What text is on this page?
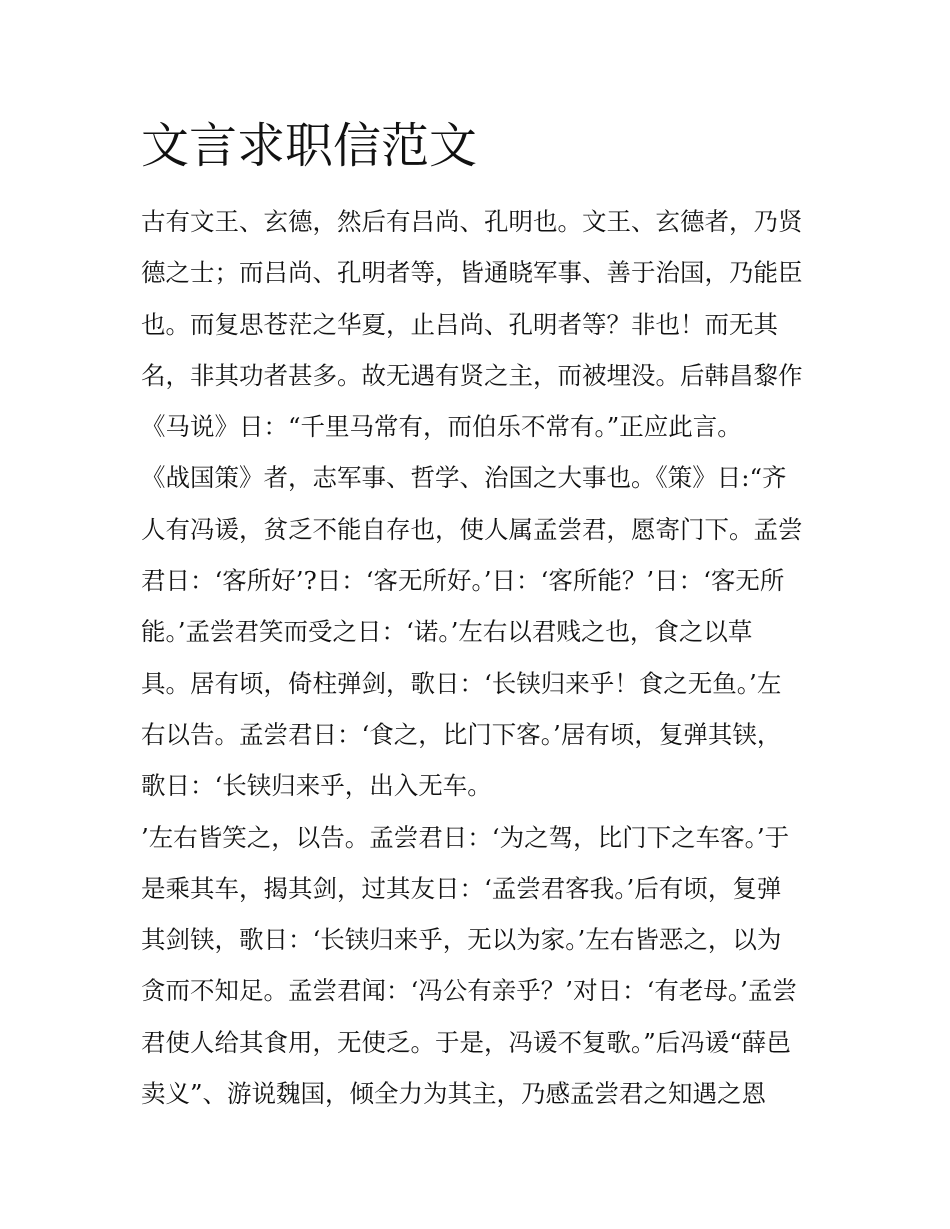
文言求职信范文
古有文王、玄德，然后有吕尚、孔明也。文王、玄德者，乃贤
德之士；而吕尚、孔明者等，皆通晓军事、善于治国，乃能臣
也。而复思苍茫之华夏，止吕尚、孔明者等？非也！而无其
名，非其功者甚多。故无遇有贤之主，而被埋没。后韩昌黎作
《马说》日：“千里马常有，而伯乐不常有。”正应此言。
《战国策》者，志军事、哲学、治国之大事也。《策》日:“齐
人有冯谖，贫乏不能自存也，使人属孟尝君，愿寄门下。孟尝
君日：‘客所好’?日：‘客无所好。’日：‘客所能？’日：‘客无所
能。’孟尝君笑而受之日：‘诺。’左右以君贱之也，食之以草
具。居有顷，倚柱弹剑，歌日：‘长铗归来乎！食之无鱼。’左
右以告。孟尝君日：‘食之，比门下客。’居有顷，复弹其铗，
歌日：‘长铗归来乎，出入无车。
’左右皆笑之，以告。孟尝君日：‘为之驾，比门下之车客。’于
是乘其车，揭其剑，过其友日：‘孟尝君客我。’后有顷，复弹
其剑铗，歌日：‘长铗归来乎，无以为家。’左右皆恶之，以为
贪而不知足。孟尝君闻：‘冯公有亲乎？’对日：‘有老母。’孟尝
君使人给其食用，无使乏。于是，冯谖不复歌。”后冯谖“薛邑
卖义”、游说魏国，倾全力为其主，乃感孟尝君之知遇之恩
